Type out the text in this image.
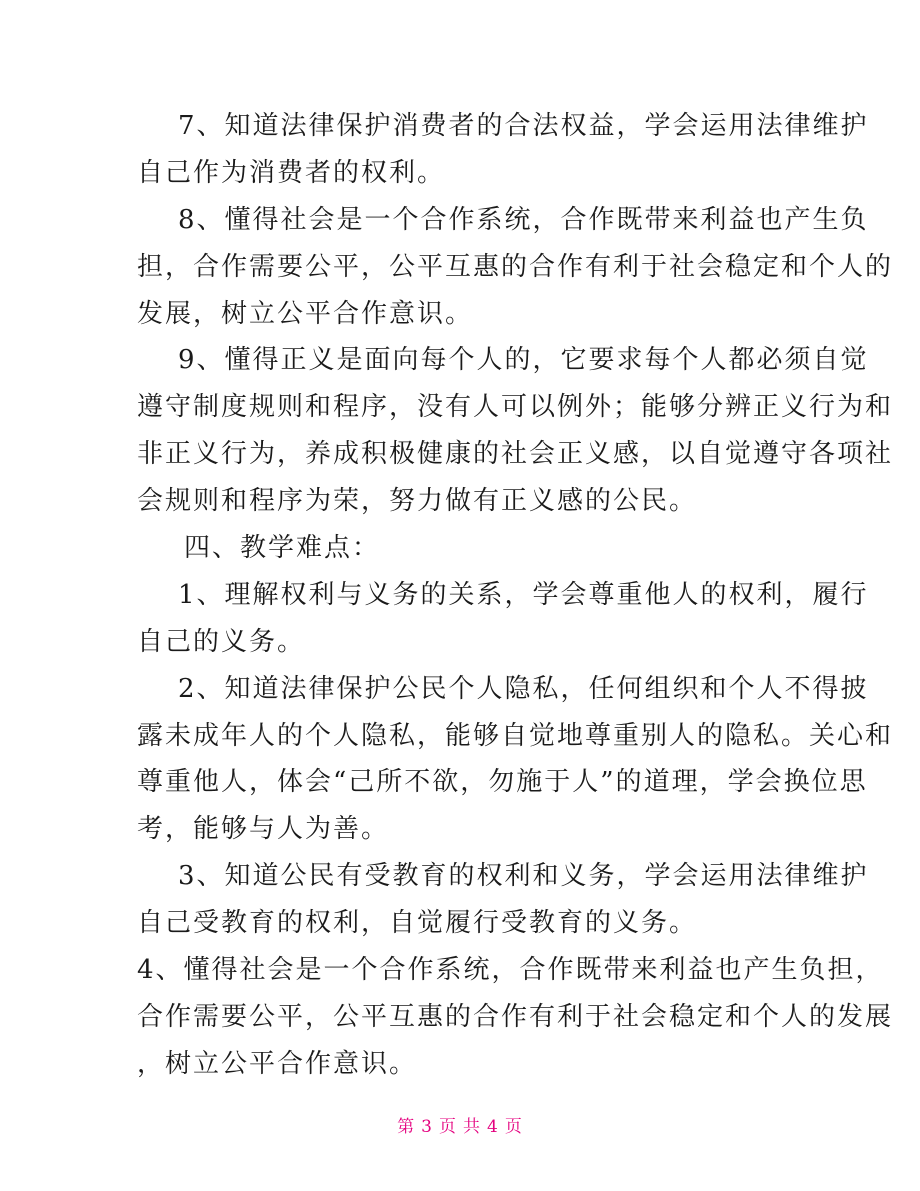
7、知道法律保护消费者的合法权益，学会运用法律维护
自己作为消费者的权利。
8、懂得社会是一个合作系统，合作既带来利益也产生负
担，合作需要公平，公平互惠的合作有利于社会稳定和个人的
发展，树立公平合作意识。
9、懂得正义是面向每个人的，它要求每个人都必须自觉
遵守制度规则和程序，没有人可以例外；能够分辨正义行为和
非正义行为，养成积极健康的社会正义感，以自觉遵守各项社
会规则和程序为荣，努力做有正义感的公民。
四、教学难点：
1、理解权利与义务的关系，学会尊重他人的权利，履行
自己的义务。
2、知道法律保护公民个人隐私，任何组织和个人不得披
露未成年人的个人隐私，能够自觉地尊重别人的隐私。关心和
尊重他人，体会“己所不欲，勿施于人”的道理，学会换位思
考，能够与人为善。
3、知道公民有受教育的权利和义务，学会运用法律维护
自己受教育的权利，自觉履行受教育的义务。
4、懂得社会是一个合作系统，合作既带来利益也产生负担，
合作需要公平，公平互惠的合作有利于社会稳定和个人的发展
，树立公平合作意识。
第 3 页 共 4 页
